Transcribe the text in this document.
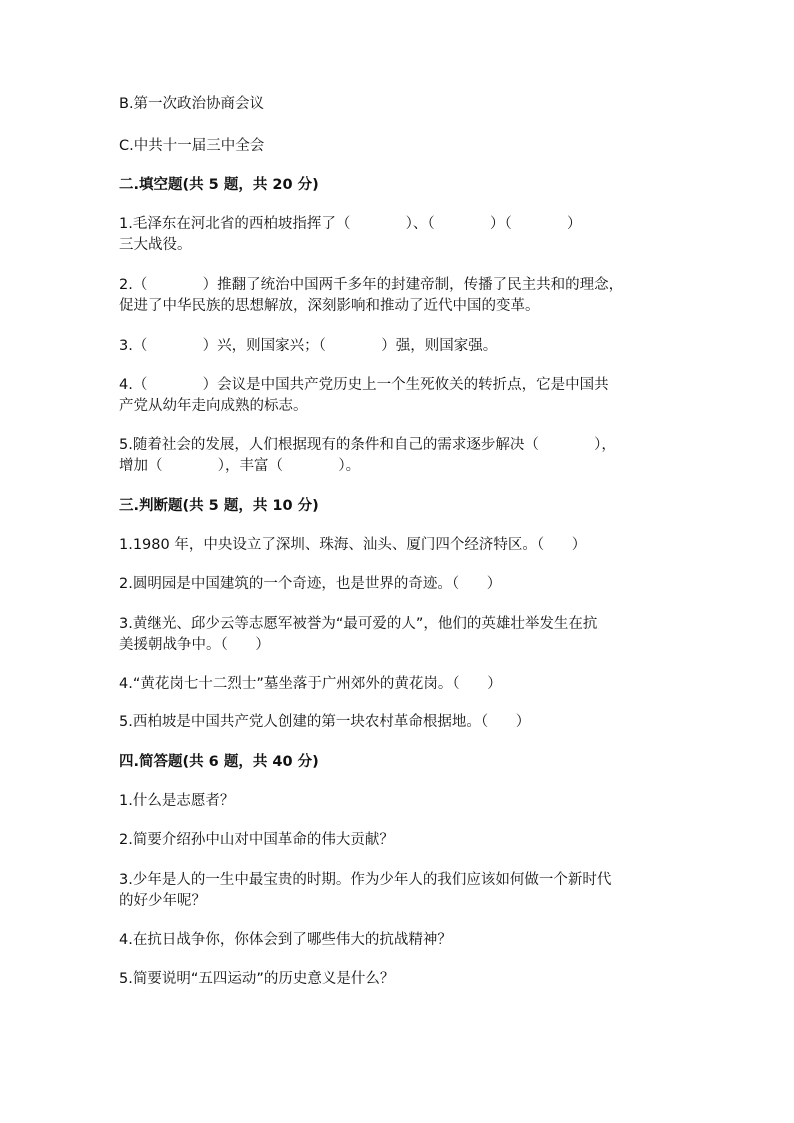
B.第一次政治协商会议
C.中共十一届三中全会
二.填空题(共 5 题，共 20 分)
1.毛泽东在河北省的西柏坡指挥了（            ）、（            ）（            ）
三大战役。
2.（            ）推翻了统治中国两千多年的封建帝制，传播了民主共和的理念，
促进了中华民族的思想解放，深刻影响和推动了近代中国的变革。
3.（            ）兴，则国家兴；（            ）强，则国家强。
4.（            ）会议是中国共产党历史上一个生死攸关的转折点，它是中国共
产党从幼年走向成熟的标志。
5.随着社会的发展，人们根据现有的条件和自己的需求逐步解决（            ），
增加（            ），丰富（            ）。
三.判断题(共 5 题，共 10 分)
1.1980 年，中央设立了深圳、珠海、汕头、厦门四个经济特区。（      ）
2.圆明园是中国建筑的一个奇迹，也是世界的奇迹。（      ）
3.黄继光、邱少云等志愿军被誉为“最可爱的人”，他们的英雄壮举发生在抗
美援朝战争中。（      ）
4.“黄花岗七十二烈士”墓坐落于广州郊外的黄花岗。（      ）
5.西柏坡是中国共产党人创建的第一块农村革命根据地。（      ）
四.简答题(共 6 题，共 40 分)
1.什么是志愿者？
2.简要介绍孙中山对中国革命的伟大贡献？
3.少年是人的一生中最宝贵的时期。作为少年人的我们应该如何做一个新时代
的好少年呢？
4.在抗日战争你，你体会到了哪些伟大的抗战精神？
5.简要说明“五四运动”的历史意义是什么？
